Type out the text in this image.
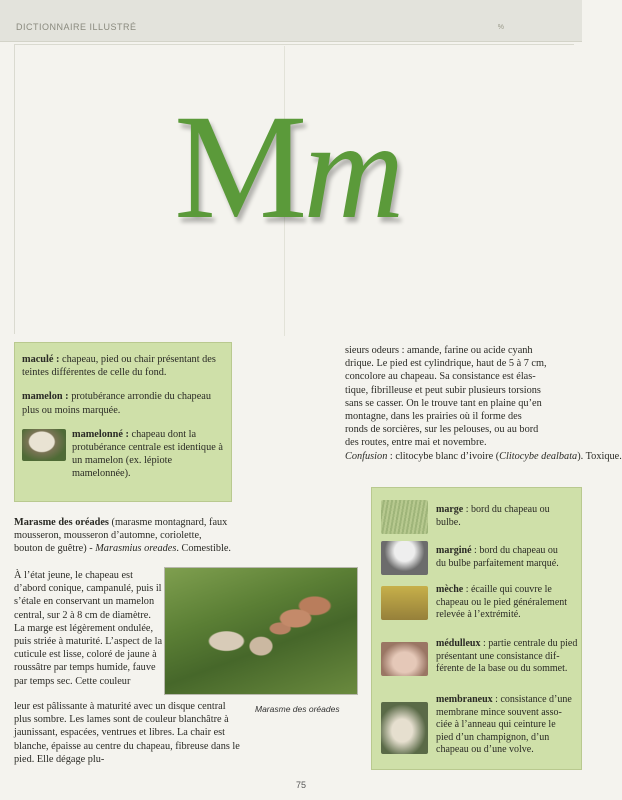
DICTIONNAIRE ILLUSTRÉ	%
Mm

maculé : chapeau, pied ou chair présentant des teintes différentes de celle du fond.

mamelon : protubérance arrondie du chapeau plus ou moins marquée.

mamelonné : chapeau dont la protubérance centrale est identique à un mamelon (ex. lépiote mamelonnée).

Marasme des oréades (marasme montagnard, faux mousseron, mousseron d’automne, coriolette, bouton de guêtre) - Marasmius oreades. Comestible.
À l’état jeune, le chapeau est d’abord conique, campanulé, puis il s’étale en conservant un mamelon central, sur 2 à 8 cm de diamètre. La marge est légèrement ondulée, puis striée à maturité. L’aspect de la cuticule est lisse, coloré de jaune à roussâtre par temps humide, fauve par temps sec. Cette couleur
leur est pâlissante à maturité avec un disque central plus sombre. Les lames sont de couleur blanchâtre à jaunissant, espacées, ventrues et libres. La chair est blanche, épaisse au centre du chapeau, fibreuse dans le pied. Elle dégage plu-
Marasme des oréades
sieurs odeurs : amande, farine ou acide cyanh
drique. Le pied est cylindrique, haut de 5 à 7 cm,
concolore au chapeau. Sa consistance est élas-
tique, fibrilleuse et peut subir plusieurs torsions
sans se casser. On le trouve tant en plaine qu’en
montagne, dans les prairies où il forme des
ronds de sorcières, sur les pelouses, ou au bord
des routes, entre mai et novembre.
Confusion : clitocybe blanc d’ivoire (Clitocybe dealbata). Toxique.
marge : bord du chapeau ou
bulbe.
marginé : bord du chapeau ou
du bulbe parfaitement marqué.
mèche : écaille qui couvre le
chapeau ou le pied généralement
relevée à l’extrémité.
médulleux : partie centrale du pied
présentant une consistance dif-
férente de la base ou du sommet.
membraneux : consistance d’une
membrane mince souvent asso-
ciée à l’anneau qui ceinture le
pied d’un champignon, d’un
chapeau ou d’une volve.
75
